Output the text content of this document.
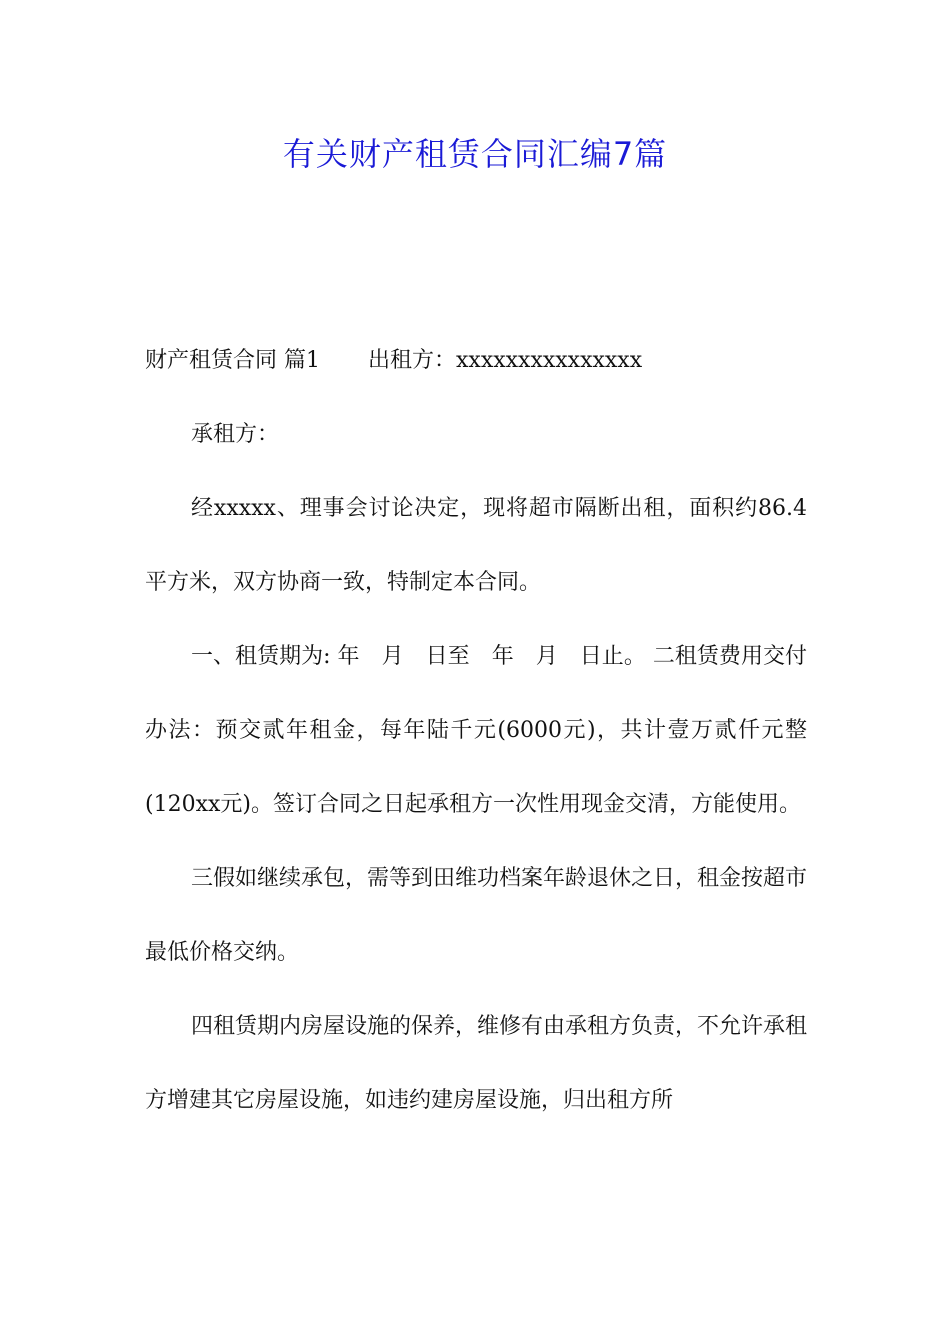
有关财产租赁合同汇编7篇

财产租赁合同 篇1 出租方：xxxxxxxxxxxxxxx

承租方：

经xxxxx、理事会讨论决定，现将超市隔断出租，面积约86.4平方米，双方协商一致，特制定本合同。

一、租赁期为: 年　月　日至　年　月　日止。 二租赁费用交付办法：预交贰年租金，每年陆千元(6000元)，共计壹万贰仟元整(120xx元)。签订合同之日起承租方一次性用现金交清，方能使用。

三假如继续承包，需等到田维功档案年龄退休之日，租金按超市最低价格交纳。

四租赁期内房屋设施的保养，维修有由承租方负责，不允许承租方增建其它房屋设施，如违约建房屋设施，归出租方所
